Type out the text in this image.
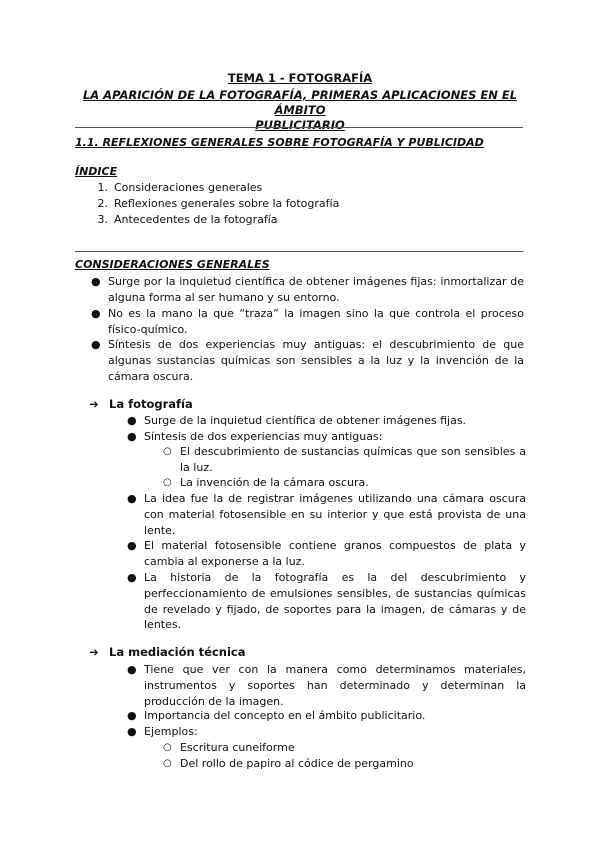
TEMA 1 - FOTOGRAFÍA
LA APARICIÓN DE LA FOTOGRAFÍA, PRIMERAS APLICACIONES EN EL ÁMBITO
PUBLICITARIO
1.1. REFLEXIONES GENERALES SOBRE FOTOGRAFÍA Y PUBLICIDAD
ÍNDICE
1. Consideraciones generales
2. Reflexiones generales sobre la fotografía
3. Antecedentes de la fotografía
CONSIDERACIONES GENERALES
● Surge por la inquietud científica de obtener imágenes fijas: inmortalizar de alguna forma al ser humano y su entorno.
● No es la mano la que “traza” la imagen sino la que controla el proceso físico-químico.
● Síntesis de dos experiencias muy antiguas: el descubrimiento de que algunas sustancias químicas son sensibles a la luz y la invención de la cámara oscura.
➔ La fotografía
● Surge de la inquietud científica de obtener imágenes fijas.
● Síntesis de dos experiencias muy antiguas:
○ El descubrimiento de sustancias químicas que son sensibles a la luz.
○ La invención de la cámara oscura.
● La idea fue la de registrar imágenes utilizando una cámara oscura con material fotosensible en su interior y que está provista de una lente.
● El material fotosensible contiene granos compuestos de plata y cambia al exponerse a la luz.
● La historia de la fotografía es la del descubrimiento y perfeccionamiento de emulsiones sensibles, de sustancias químicas de revelado y fijado, de soportes para la imagen, de cámaras y de lentes.
➔ La mediación técnica
● Tiene que ver con la manera como determinamos materiales, instrumentos y soportes han determinado y determinan la producción de la imagen.
● Importancia del concepto en el ámbito publicitario.
● Ejemplos:
○ Escritura cuneiforme
○ Del rollo de papiro al códice de pergamino
